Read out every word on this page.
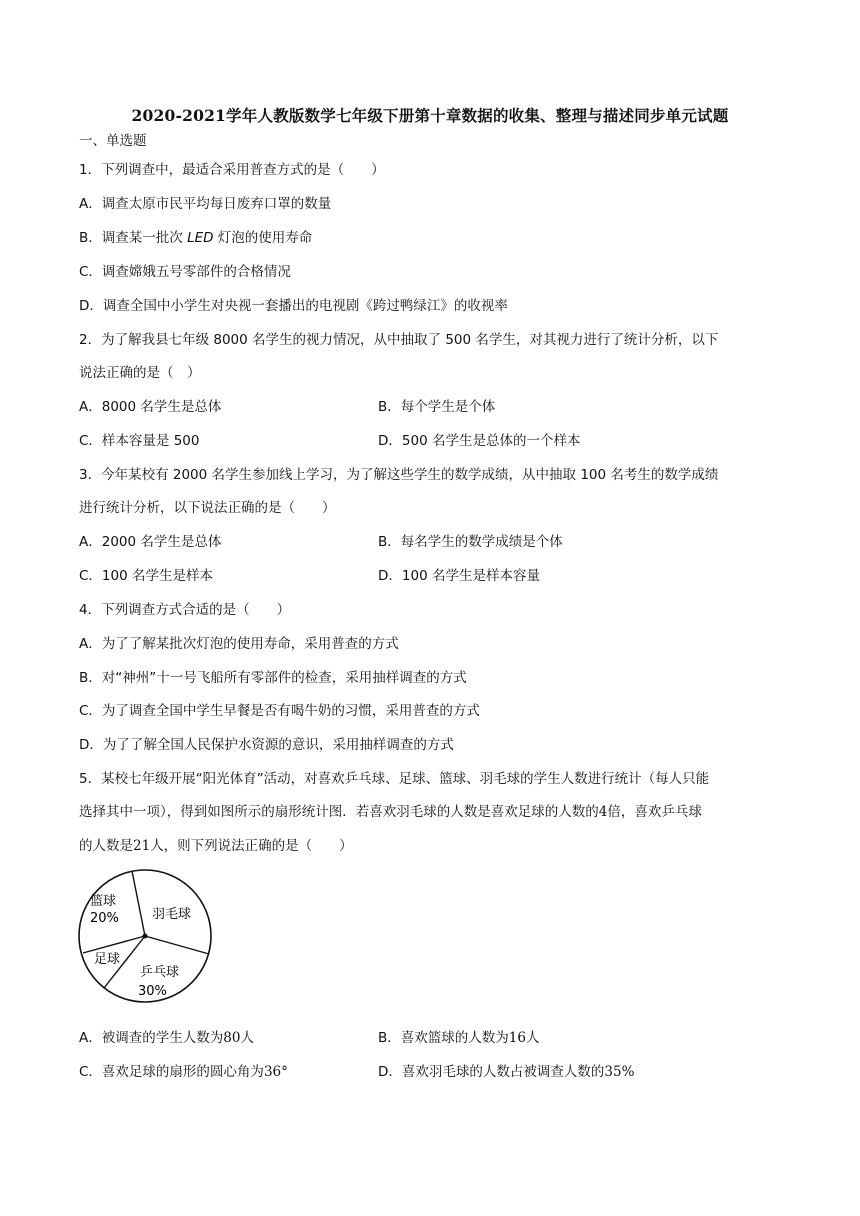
2020-2021学年人教版数学七年级下册第十章数据的收集、整理与描述同步单元试题
一、单选题
1．下列调查中，最适合采用普查方式的是（　　）
A．调查太原市民平均每日废弃口罩的数量
B．调查某一批次 LED 灯泡的使用寿命
C．调查嫦娥五号零部件的合格情况
D．调查全国中小学生对央视一套播出的电视剧《跨过鸭绿江》的收视率
2．为了解我县七年级 8000 名学生的视力情况，从中抽取了 500 名学生，对其视力进行了统计分析，以下
说法正确的是（　）
A．8000 名学生是总体	B．每个学生是个体
C．样本容量是 500	D．500 名学生是总体的一个样本
3．今年某校有 2000 名学生参加线上学习，为了解这些学生的数学成绩，从中抽取 100 名考生的数学成绩
进行统计分析，以下说法正确的是（　　）
A．2000 名学生是总体	B．每名学生的数学成绩是个体
C．100 名学生是样本	D．100 名学生是样本容量
4．下列调查方式合适的是（　　）
A．为了了解某批次灯泡的使用寿命，采用普查的方式
B．对“神州”十一号飞船所有零部件的检查，采用抽样调查的方式
C．为了调查全国中学生早餐是否有喝牛奶的习惯，采用普查的方式
D．为了了解全国人民保护水资源的意识，采用抽样调查的方式
5．某校七年级开展“阳光体育”活动，对喜欢乒乓球、足球、篮球、羽毛球的学生人数进行统计（每人只能
选择其中一项），得到如图所示的扇形统计图．若喜欢羽毛球的人数是喜欢足球的人数的4倍，喜欢乒乓球
的人数是21人，则下列说法正确的是（　　）
篮球
20%	羽毛球
足球
乒乓球
30%
A．被调查的学生人数为80人	B．喜欢篮球的人数为16人
C．喜欢足球的扇形的圆心角为36°	D．喜欢羽毛球的人数占被调查人数的35%
